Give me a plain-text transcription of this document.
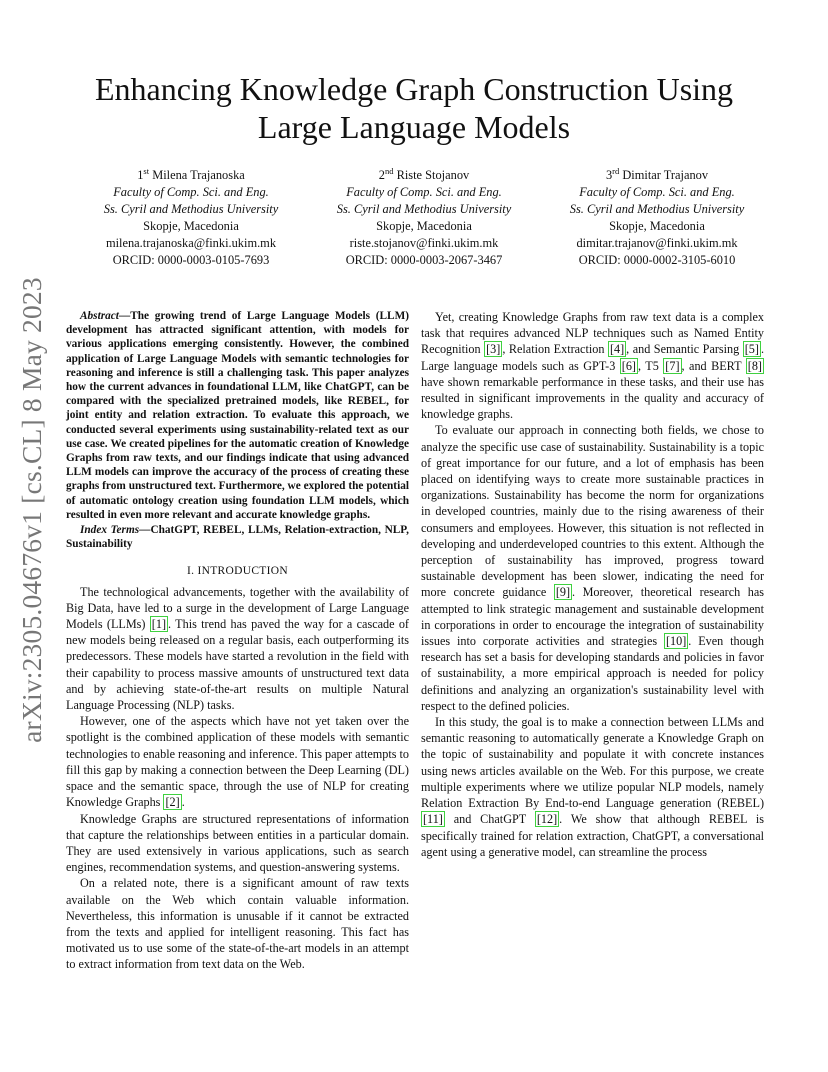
arXiv:2305.04676v1 [cs.CL] 8 May 2023
Enhancing Knowledge Graph Construction Using Large Language Models
1st Milena Trajanoska
Faculty of Comp. Sci. and Eng.
Ss. Cyril and Methodius University
Skopje, Macedonia
milena.trajanoska@finki.ukim.mk
ORCID: 0000-0003-0105-7693
2nd Riste Stojanov
Faculty of Comp. Sci. and Eng.
Ss. Cyril and Methodius University
Skopje, Macedonia
riste.stojanov@finki.ukim.mk
ORCID: 0000-0003-2067-3467
3rd Dimitar Trajanov
Faculty of Comp. Sci. and Eng.
Ss. Cyril and Methodius University
Skopje, Macedonia
dimitar.trajanov@finki.ukim.mk
ORCID: 0000-0002-3105-6010

Abstract—The growing trend of Large Language Models (LLM) development has attracted significant attention, with models for various applications emerging consistently. However, the combined application of Large Language Models with semantic technologies for reasoning and inference is still a challenging task. This paper analyzes how the current advances in foundational LLM, like ChatGPT, can be compared with the specialized pretrained models, like REBEL, for joint entity and relation extraction. To evaluate this approach, we conducted several experiments using sustainability-related text as our use case. We created pipelines for the automatic creation of Knowledge Graphs from raw texts, and our findings indicate that using advanced LLM models can improve the accuracy of the process of creating these graphs from unstructured text. Furthermore, we explored the potential of automatic ontology creation using foundation LLM models, which resulted in even more relevant and accurate knowledge graphs.

Index Terms—ChatGPT, REBEL, LLMs, Relation-extraction, NLP, Sustainability

I. INTRODUCTION

The technological advancements, together with the availability of Big Data, have led to a surge in the development of Large Language Models (LLMs) [1] . This trend has paved the way for a cascade of new models being released on a regular basis, each outperforming its predecessors. These models have started a revolution in the field with their capability to process massive amounts of unstructured text data and by achieving state-of-the-art results on multiple Natural Language Processing (NLP) tasks.

However, one of the aspects which have not yet taken over the spotlight is the combined application of these models with semantic technologies to enable reasoning and inference. This paper attempts to fill this gap by making a connection between the Deep Learning (DL) space and the semantic space, through the use of NLP for creating Knowledge Graphs [2] .

Knowledge Graphs are structured representations of information that capture the relationships between entities in a particular domain. They are used extensively in various applications, such as search engines, recommendation systems, and question-answering systems.

On a related note, there is a significant amount of raw texts available on the Web which contain valuable information. Nevertheless, this information is unusable if it cannot be extracted from the texts and applied for intelligent reasoning. This fact has motivated us to use some of the state-of-the-art models in an attempt to extract information from text data on the Web.

Yet, creating Knowledge Graphs from raw text data is a complex task that requires advanced NLP techniques such as Named Entity Recognition [3] , Relation Extraction [4] , and Semantic Parsing [5] . Large language models such as GPT-3 [6] , T5 [7] , and BERT [8] have shown remarkable performance in these tasks, and their use has resulted in significant improvements in the quality and accuracy of knowledge graphs.

To evaluate our approach in connecting both fields, we chose to analyze the specific use case of sustainability. Sustainability is a topic of great importance for our future, and a lot of emphasis has been placed on identifying ways to create more sustainable practices in organizations. Sustainability has become the norm for organizations in developed countries, mainly due to the rising awareness of their consumers and employees. However, this situation is not reflected in developing and underdeveloped countries to this extent. Although the perception of sustainability has improved, progress toward sustainable development has been slower, indicating the need for more concrete guidance [9] . Moreover, theoretical research has attempted to link strategic management and sustainable development in corporations in order to encourage the integration of sustainability issues into corporate activities and strategies [10] . Even though research has set a basis for developing standards and policies in favor of sustainability, a more empirical approach is needed for policy definitions and analyzing an organization's sustainability level with respect to the defined policies.

In this study, the goal is to make a connection between LLMs and semantic reasoning to automatically generate a Knowledge Graph on the topic of sustainability and populate it with concrete instances using news articles available on the Web. For this purpose, we create multiple experiments where we utilize popular NLP models, namely Relation Extraction By End-to-end Language generation (REBEL) [11] and ChatGPT [12] . We show that although REBEL is specifically trained for relation extraction, ChatGPT, a conversational agent using a generative model, can streamline the process
